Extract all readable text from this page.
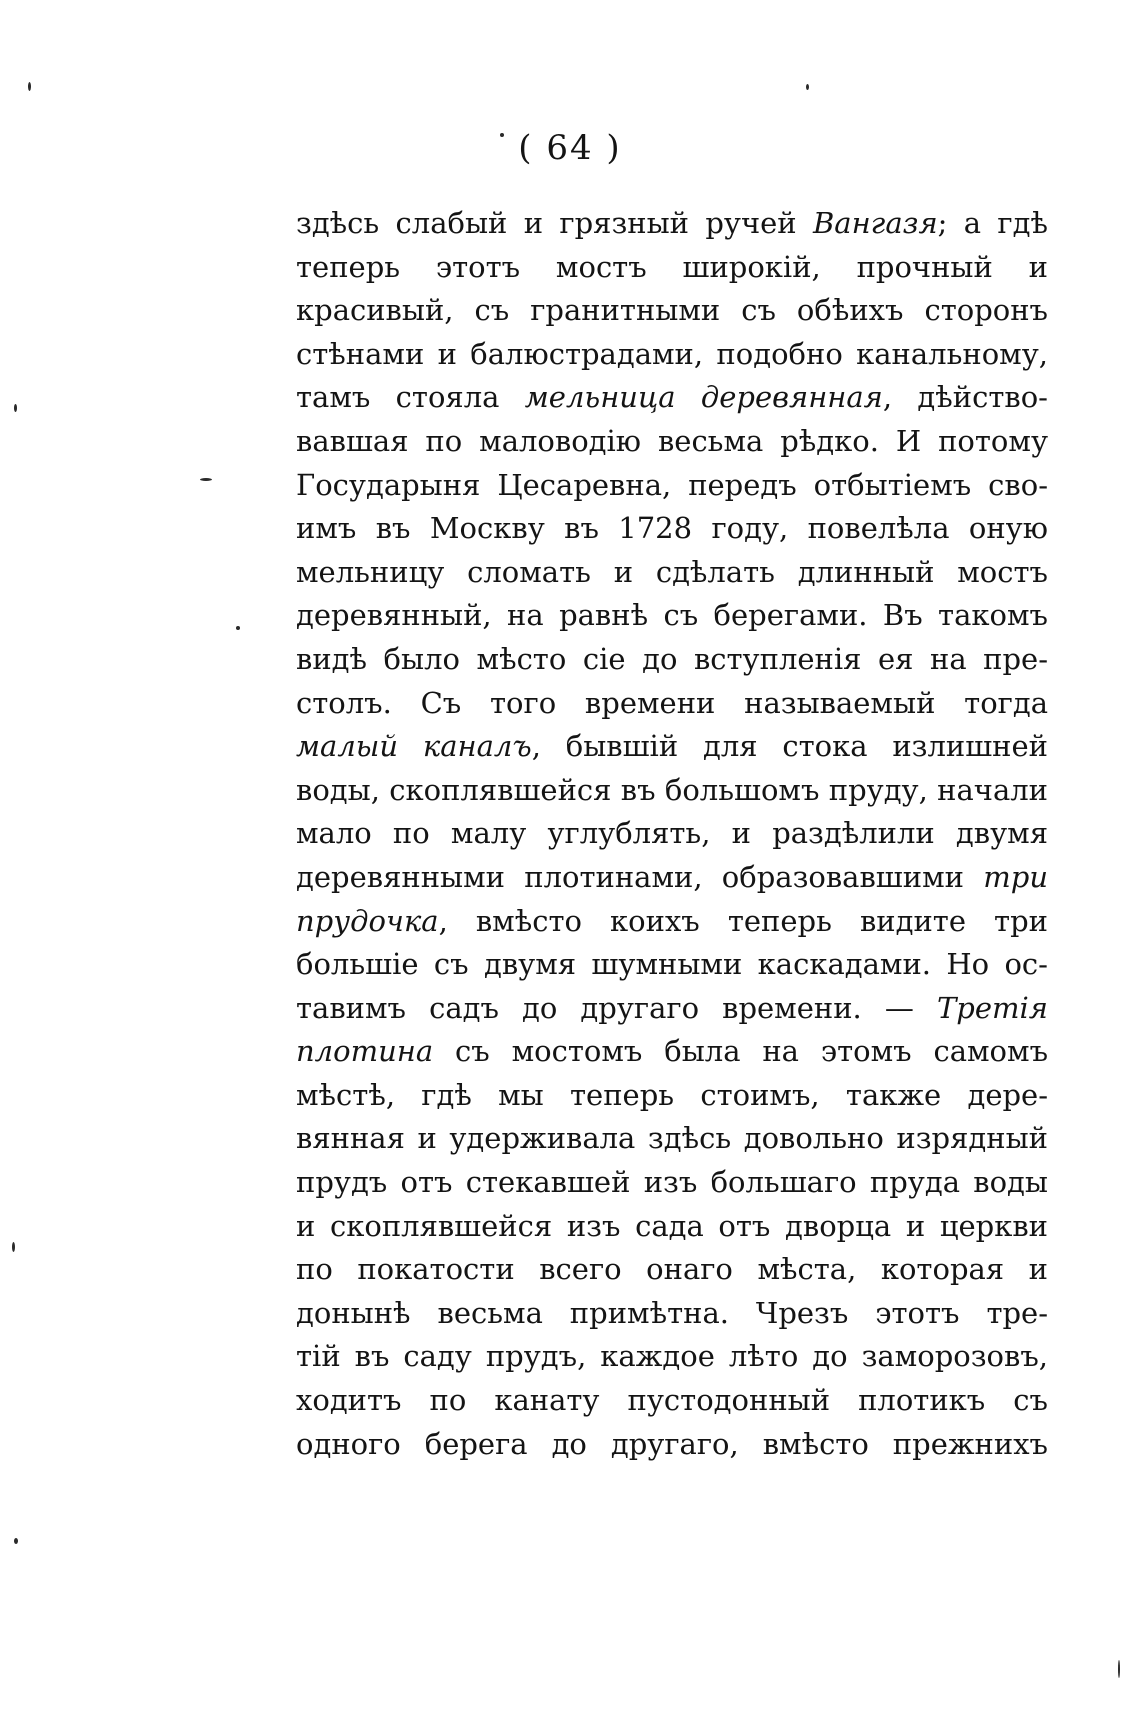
( 64 )
здѣсь слабый и грязный ручей Вангазя; а гдѣ
теперь этотъ мостъ широкій, прочный и
красивый, съ гранитными съ обѣихъ сторонъ
стѣнами и балюстрадами, подобно канальному,
тамъ стояла мельница деревянная, дѣйство-
вавшая по маловодію весьма рѣдко. И потому
Государыня Цесаревна, передъ отбытіемъ сво-
имъ въ Москву въ 1728 году, повелѣла оную
мельницу сломать и сдѣлать длинный мостъ
деревянный, на равнѣ съ берегами. Въ такомъ
видѣ было мѣсто сіе до вступленія ея на пре-
столъ. Съ того времени называемый тогда
малый каналъ, бывшій для стока излишней
воды, скоплявшейся въ большомъ пруду, начали
мало по малу углублять, и раздѣлили двумя
деревянными плотинами, образовавшими три
прудочка, вмѣсто коихъ теперь видите три
большіе съ двумя шумными каскадами. Но ос-
тавимъ садъ до другаго времени. — Третія
плотина съ мостомъ была на этомъ самомъ
мѣстѣ, гдѣ мы теперь стоимъ, также дере-
вянная и удерживала здѣсь довольно изрядный
прудъ отъ стекавшей изъ большаго пруда воды
и скоплявшейся изъ сада отъ дворца и церкви
по покатости всего онаго мѣста, которая и
донынѣ весьма примѣтна. Чрезъ этотъ тре-
тій въ саду прудъ, каждое лѣто до заморозовъ,
ходитъ по канату пустодонный плотикъ съ
одного берега до другаго, вмѣсто прежнихъ
